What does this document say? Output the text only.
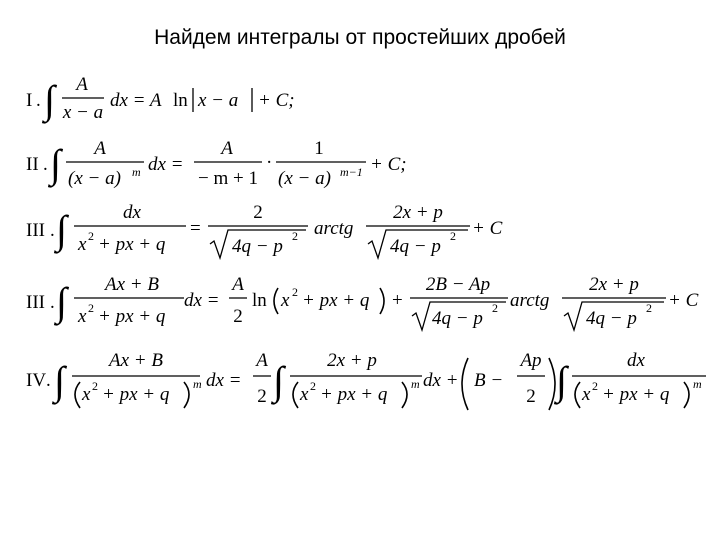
Найдем интегралы от простейших дробей
I . ∫ A
x − a
dx = A ln x − a + C;
II . ∫ A
(x − a) m dx =
A
− m + 1
·
1
(x − a) m−1 + C;
III . ∫	dx
x 2 + px + q
=
2
4q − p 2 arctg
2x + p
4q − p 2 + C
III . ∫ Ax + B
x 2 + px + q
dx =
A
2
ln x 2 + px + q +
2B − Ap
4q − p 2 arctg
2x + p
4q − p 2 + C
IV . ∫ Ax + B
x 2 + px + q m dx =
A
2 ∫ 2x + p
x 2 + px + q m dx + B −
Ap
2 ∫	dx
x 2 + px + q m
